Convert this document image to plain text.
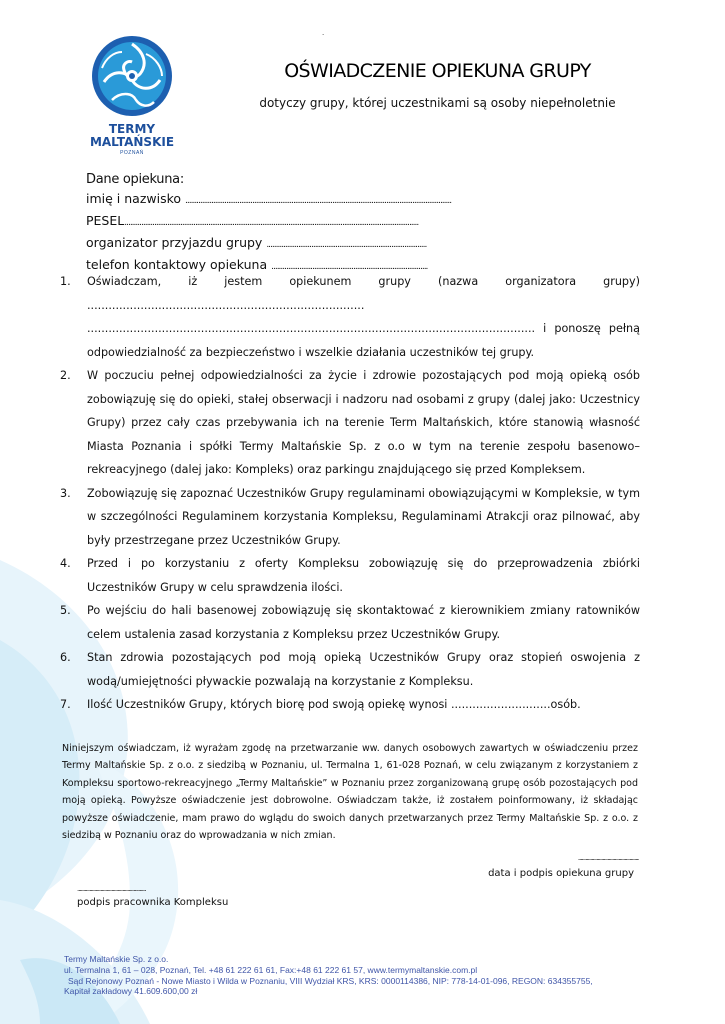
.
TERMY
MALTAŃSKIE
POZNAŃ
OŚWIADCZENIE OPIEKUNA GRUPY
dotyczy grupy, której uczestnikami są osoby niepełnoletnie
Dane opiekuna:
imię i nazwisko ...............................................................................................................................................
PESEL..............................................................................................................................................................
organizator przyjazdu grupy ......................................................................................
telefon kontaktowy opiekuna ....................................................................................

1. Oświadczam, iż jestem opiekunem grupy (nazwa organizatora grupy) ..............................................................................
.............................................................................................................................. i ponoszę pełną odpowiedzialność za bezpieczeństwo i wszelkie działania uczestników tej grupy.

2. W poczuciu pełnej odpowiedzialności za życie i zdrowie pozostających pod moją opieką osób zobowiązuję się do opieki, stałej obserwacji i nadzoru nad osobami z grupy (dalej jako: Uczestnicy Grupy) przez cały czas przebywania ich na terenie Term Maltańskich, które stanowią własność Miasta Poznania i spółki Termy Maltańskie Sp. z o.o w tym na terenie zespołu basenowo–rekreacyjnego (dalej jako: Kompleks) oraz parkingu znajdującego się przed Kompleksem.

3. Zobowiązuję się zapoznać Uczestników Grupy regulaminami obowiązującymi w Kompleksie, w tym w szczególności Regulaminem korzystania Kompleksu, Regulaminami Atrakcji oraz pilnować, aby były przestrzegane przez Uczestników Grupy.

4. Przed i po korzystaniu z oferty Kompleksu zobowiązuję się do przeprowadzenia zbiórki Uczestników Grupy w celu sprawdzenia ilości.

5. Po wejściu do hali basenowej zobowiązuję się skontaktować z kierownikiem zmiany ratowników celem ustalenia zasad korzystania z Kompleksu przez Uczestników Grupy.

6. Stan zdrowia pozostających pod moją opieką Uczestników Grupy oraz stopień oswojenia z wodą/umiejętności pływackie pozwalają na korzystanie z Kompleksu.

7. Ilość Uczestników Grupy, których biorę pod swoją opiekę wynosi ............................osób.

Niniejszym oświadczam, iż wyrażam zgodę na przetwarzanie ww. danych osobowych zawartych w oświadczeniu przez Termy Maltańskie Sp. z o.o. z siedzibą w Poznaniu, ul. Termalna 1, 61-028 Poznań, w celu związanym z korzystaniem z Kompleksu sportowo-rekreacyjnego „Termy Maltańskie” w Poznaniu przez zorganizowaną grupę osób pozostających pod moją opieką. Powyższe oświadczenie jest dobrowolne. Oświadczam także, iż zostałem poinformowany, iż składając powyższe oświadczenie, mam prawo do wglądu do swoich danych przetwarzanych przez Termy Maltańskie Sp. z o.o. z siedzibą w Poznaniu oraz do wprowadzania w nich zmian.
..................................................
data i podpis opiekuna grupy
........................................................
podpis pracownika Kompleksu
Termy Maltańskie Sp. z o.o.
ul. Termalna 1, 61 – 028, Poznań, Tel. +48 61 222 61 61, Fax:+48 61 222 61 57, www.termymaltanskie.com.pl
Sąd Rejonowy Poznań - Nowe Miasto i Wilda w Poznaniu, VIII Wydział KRS, KRS: 0000114386, NIP: 778-14-01-096, REGON: 634355755,
Kapitał zakładowy 41.609.600,00 zł
